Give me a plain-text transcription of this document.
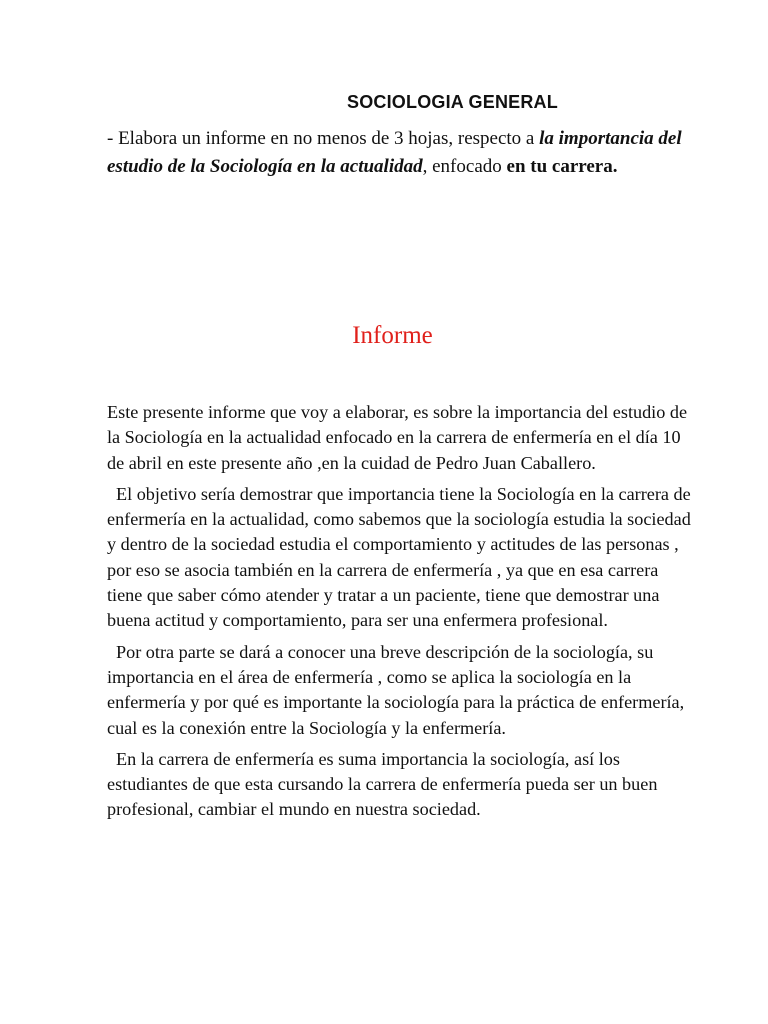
SOCIOLOGIA GENERAL
- Elabora un informe en no menos de 3 hojas, respecto a la importancia del estudio de la Sociología en la actualidad, enfocado en tu carrera.
Informe

Este presente informe que voy a elaborar, es sobre la importancia del estudio de la Sociología en la actualidad enfocado en la carrera de enfermería en el día 10 de abril en este presente año ,en la cuidad de Pedro Juan Caballero.

El objetivo sería demostrar que importancia tiene la Sociología en la carrera de enfermería en la actualidad, como sabemos que la sociología estudia la sociedad y dentro de la sociedad estudia el comportamiento y actitudes de las personas , por eso se asocia también en la carrera de enfermería , ya que en esa carrera tiene que saber cómo atender y tratar a un paciente, tiene que demostrar una buena actitud y comportamiento, para ser una enfermera profesional.

Por otra parte se dará a conocer una breve descripción de la sociología, su importancia en el área de enfermería , como se aplica la sociología en la enfermería y por qué es importante la sociología para la práctica de enfermería, cual es la conexión entre la Sociología y la enfermería.

En la carrera de enfermería es suma importancia la sociología, así los estudiantes de que esta cursando la carrera de enfermería pueda ser un buen profesional, cambiar el mundo en nuestra sociedad.
